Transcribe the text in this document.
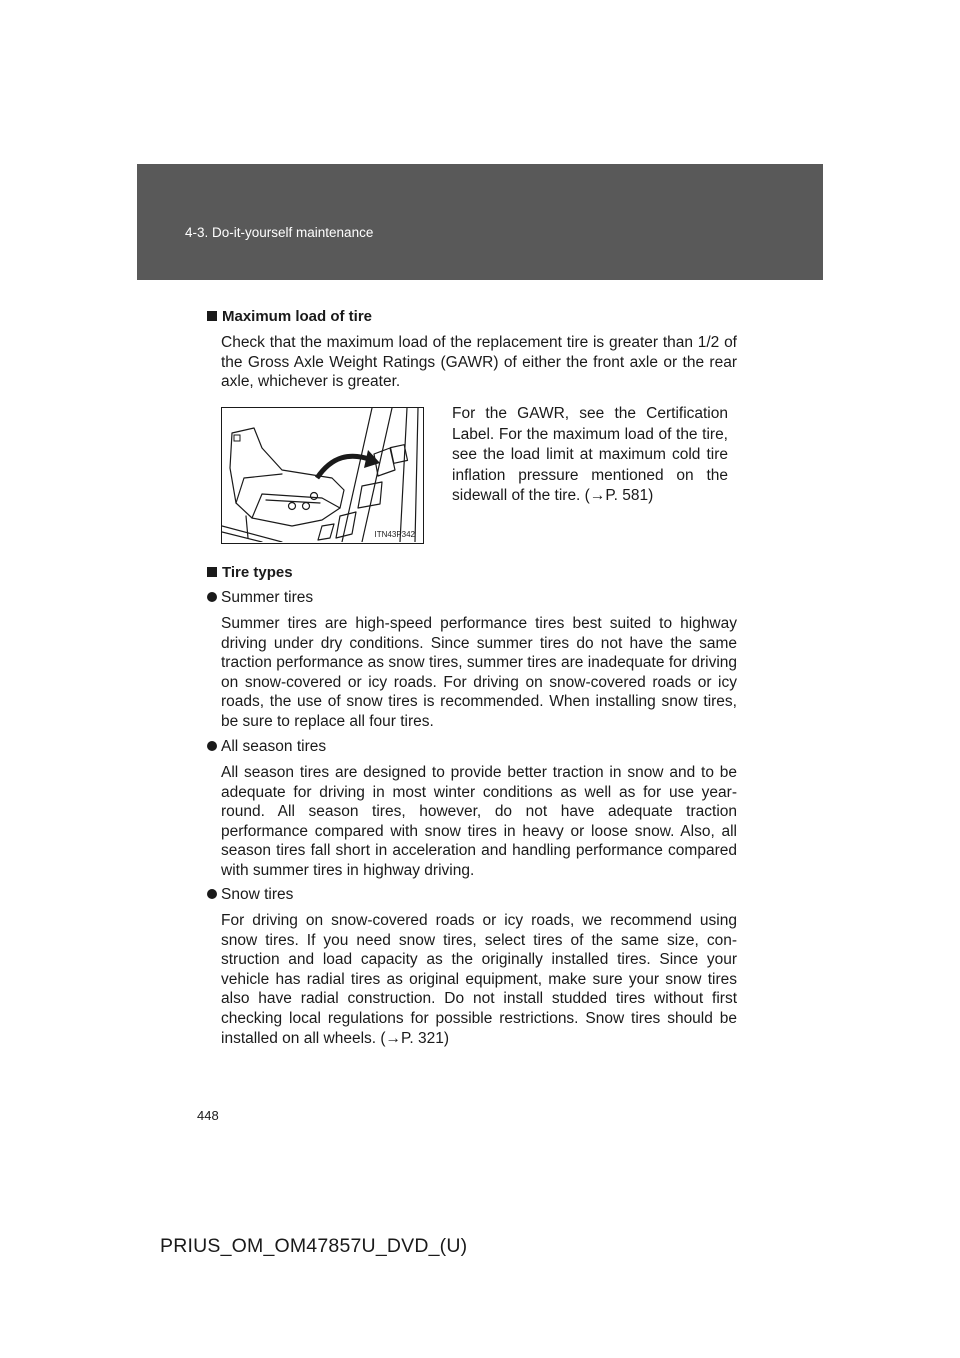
4-3. Do-it-yourself maintenance
Maximum load of tire
Check that the maximum load of the replacement tire is greater than 1/2 of the Gross Axle Weight Ratings (GAWR) of either the front axle or the rear axle, whichever is greater.
ITN43P342
For the GAWR, see the Certification Label. For the maximum load of the tire, see the load limit at maximum cold tire inflation pressure mentioned on the sidewall of the tire. (→P. 581)
Tire types
Summer tires
Summer tires are high-speed performance tires best suited to highway driving under dry conditions. Since summer tires do not have the same traction performance as snow tires, summer tires are inadequate for driving on snow-covered or icy roads. For driving on snow-covered roads or icy roads, the use of snow tires is recommended. When installing snow tires, be sure to replace all four tires.
All season tires
All season tires are designed to provide better traction in snow and to be adequate for driving in most winter conditions as well as for use year-round. All season tires, however, do not have adequate traction performance compared with snow tires in heavy or loose snow. Also, all season tires fall short in acceleration and handling performance compared with summer tires in highway driving.
Snow tires
For driving on snow-covered roads or icy roads, we recommend using snow tires. If you need snow tires, select tires of the same size, con-struction and load capacity as the originally installed tires. Since your vehicle has radial tires as original equipment, make sure your snow tires also have radial construction. Do not install studded tires without first checking local regulations for possible restrictions. Snow tires should be installed on all wheels. (→P. 321)
448
PRIUS_OM_OM47857U_DVD_(U)
